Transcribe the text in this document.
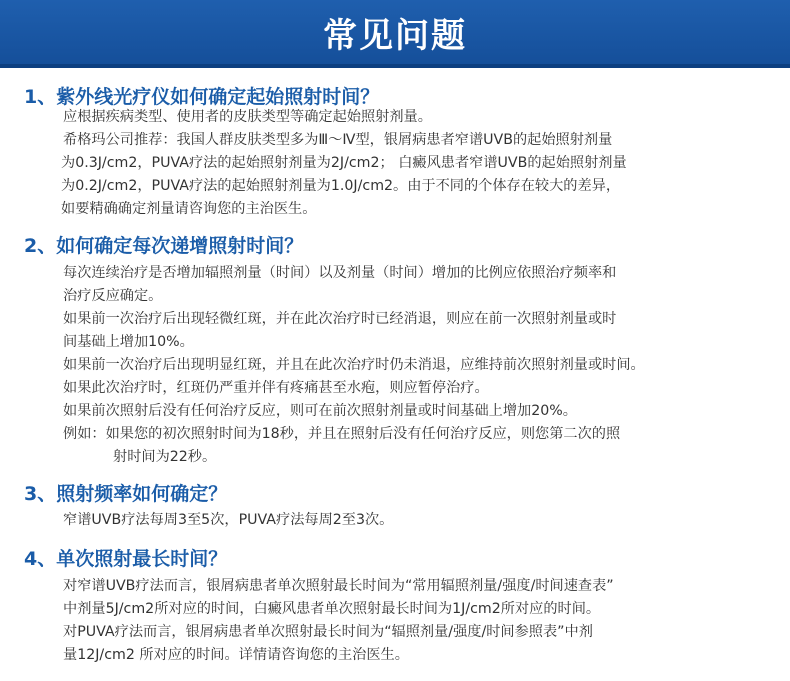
常见问题
1、紫外线光疗仪如何确定起始照射时间？

应根据疾病类型、使用者的皮肤类型等确定起始照射剂量。

希格玛公司推荐：我国人群皮肤类型多为Ⅲ～Ⅳ型，银屑病患者窄谱UVB的起始照射剂量

为0.3J/cm2，PUVA疗法的起始照射剂量为2J/cm2； 白癜风患者窄谱UVB的起始照射剂量

为0.2J/cm2，PUVA疗法的起始照射剂量为1.0J/cm2。由于不同的个体存在较大的差异，

如要精确确定剂量请咨询您的主治医生。

2、如何确定每次递增照射时间？

每次连续治疗是否增加辐照剂量（时间）以及剂量（时间）增加的比例应依照治疗频率和

治疗反应确定。

如果前一次治疗后出现轻微红斑，并在此次治疗时已经消退，则应在前一次照射剂量或时

间基础上增加10%。

如果前一次治疗后出现明显红斑，并且在此次治疗时仍未消退，应维持前次照射剂量或时间。

如果此次治疗时，红斑仍严重并伴有疼痛甚至水疱，则应暂停治疗。

如果前次照射后没有任何治疗反应，则可在前次照射剂量或时间基础上增加20%。

例如：如果您的初次照射时间为18秒，并且在照射后没有任何治疗反应，则您第二次的照

射时间为22秒。

3、照射频率如何确定？

窄谱UVB疗法每周3至5次，PUVA疗法每周2至3次。

4、单次照射最长时间？

对窄谱UVB疗法而言，银屑病患者单次照射最长时间为“常用辐照剂量/强度/时间速查表”

中剂量5J/cm2所对应的时间，白癜风患者单次照射最长时间为1J/cm2所对应的时间。

对PUVA疗法而言，银屑病患者单次照射最长时间为“辐照剂量/强度/时间参照表”中剂

量12J/cm2 所对应的时间。详情请咨询您的主治医生。
